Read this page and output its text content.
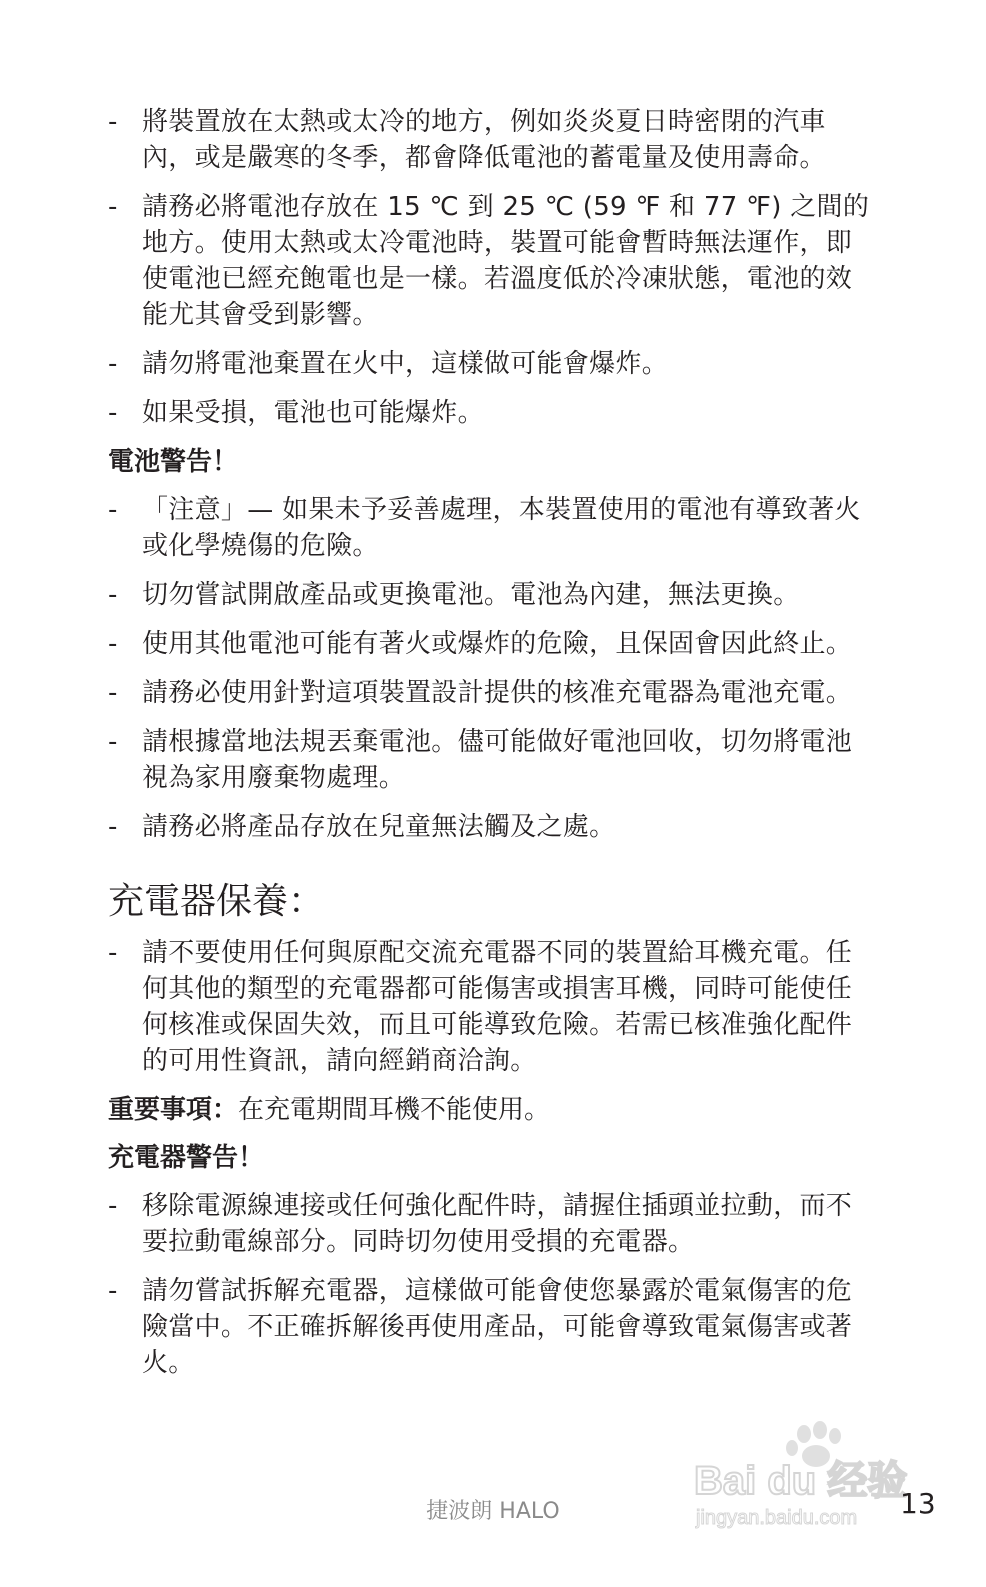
- 將裝置放在太熱或太冷的地方，例如炎炎夏日時密閉的汽車內，或是嚴寒的冬季，都會降低電池的蓄電量及使用壽命。
- 請務必將電池存放在 15 ℃ 到 25 ℃ (59 ℉ 和 77 ℉) 之間的地方。使用太熱或太冷電池時，裝置可能會暫時無法運作，即使電池已經充飽電也是一樣。若溫度低於冷凍狀態，電池的效能尤其會受到影響。
- 請勿將電池棄置在火中，這樣做可能會爆炸。
- 如果受損，電池也可能爆炸。
電池警告！
- 「注意」— 如果未予妥善處理，本裝置使用的電池有導致著火或化學燒傷的危險。
- 切勿嘗試開啟產品或更換電池。電池為內建，無法更換。
- 使用其他電池可能有著火或爆炸的危險，且保固會因此終止。
- 請務必使用針對這項裝置設計提供的核准充電器為電池充電。
- 請根據當地法規丟棄電池。儘可能做好電池回收，切勿將電池視為家用廢棄物處理。
- 請務必將產品存放在兒童無法觸及之處。
充電器保養：
- 請不要使用任何與原配交流充電器不同的裝置給耳機充電。任何其他的類型的充電器都可能傷害或損害耳機，同時可能使任何核准或保固失效，而且可能導致危險。若需已核准強化配件的可用性資訊，請向經銷商洽詢。
重要事項：在充電期間耳機不能使用。
充電器警告！
- 移除電源線連接或任何強化配件時，請握住插頭並拉動，而不要拉動電線部分。同時切勿使用受損的充電器。
- 請勿嘗試拆解充電器，這樣做可能會使您暴露於電氣傷害的危險當中。不正確拆解後再使用產品，可能會導致電氣傷害或著火。
Bai du 经验
jingyan.baidu.com
捷波朗 HALO	13
